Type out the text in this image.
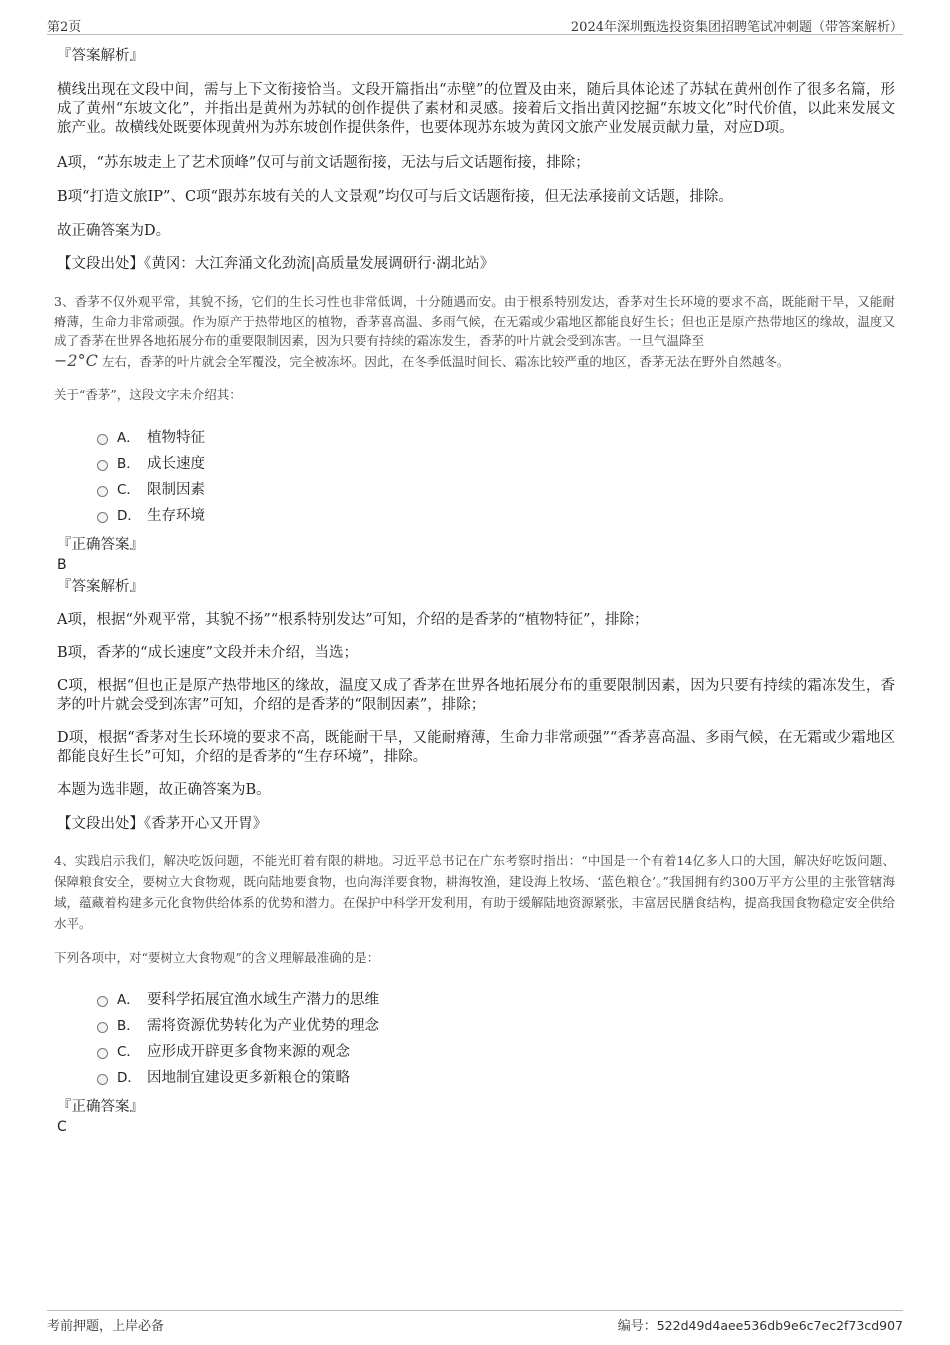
第2页	2024年深圳甄选投资集团招聘笔试冲刺题（带答案解析）

『答案解析』

横线出现在文段中间，需与上下文衔接恰当。文段开篇指出“赤壁”的位置及由来，随后具体论述了苏轼在黄州创作了很多名篇，形成了黄州“东坡文化”，并指出是黄州为苏轼的创作提供了素材和灵感。接着后文指出黄冈挖掘“东坡文化”时代价值，以此来发展文旅产业。故横线处既要体现黄州为苏东坡创作提供条件，也要体现苏东坡为黄冈文旅产业发展贡献力量，对应D项。

A项，“苏东坡走上了艺术顶峰”仅可与前文话题衔接，无法与后文话题衔接，排除；

B项“打造文旅IP”、C项“跟苏东坡有关的人文景观”均仅可与后文话题衔接，但无法承接前文话题，排除。

故正确答案为D。

【文段出处】《黄冈：大江奔涌文化劲流|高质量发展调研行·湖北站》

3、香茅不仅外观平常，其貌不扬，它们的生长习性也非常低调，十分随遇而安。由于根系特别发达，香茅对生长环境的要求不高，既能耐干旱，又能耐瘠薄，生命力非常顽强。作为原产于热带地区的植物，香茅喜高温、多雨气候，在无霜或少霜地区都能良好生长；但也正是原产热带地区的缘故，温度又成了香茅在世界各地拓展分布的重要限制因素，因为只要有持续的霜冻发生，香茅的叶片就会受到冻害。一旦气温降至
−2°C 左右，香茅的叶片就会全军覆没，完全被冻坏。因此，在冬季低温时间长、霜冻比较严重的地区，香茅无法在野外自然越冬。

关于“香茅”，这段文字未介绍其：

A． 植物特征
B． 成长速度
C． 限制因素
D． 生存环境

『正确答案』

B

『答案解析』

A项，根据“外观平常，其貌不扬”“根系特别发达”可知，介绍的是香茅的“植物特征”，排除；

B项，香茅的“成长速度”文段并未介绍，当选；

C项，根据“但也正是原产热带地区的缘故，温度又成了香茅在世界各地拓展分布的重要限制因素，因为只要有持续的霜冻发生，香茅的叶片就会受到冻害”可知，介绍的是香茅的“限制因素”，排除；

D项，根据“香茅对生长环境的要求不高，既能耐干旱，又能耐瘠薄，生命力非常顽强”“香茅喜高温、多雨气候，在无霜或少霜地区都能良好生长”可知，介绍的是香茅的“生存环境”，排除。

本题为选非题，故正确答案为B。

【文段出处】《香茅开心又开胃》

4、实践启示我们，解决吃饭问题，不能光盯着有限的耕地。习近平总书记在广东考察时指出：“中国是一个有着14亿多人口的大国，解决好吃饭问题、保障粮食安全，要树立大食物观，既向陆地要食物，也向海洋要食物，耕海牧渔，建设海上牧场、‘蓝色粮仓’。”我国拥有约300万平方公里的主张管辖海域，蕴藏着构建多元化食物供给体系的优势和潜力。在保护中科学开发利用，有助于缓解陆地资源紧张，丰富居民膳食结构，提高我国食物稳定安全供给水平。

下列各项中，对“要树立大食物观”的含义理解最准确的是：

A． 要科学拓展宜渔水域生产潜力的思维
B． 需将资源优势转化为产业优势的理念
C． 应形成开辟更多食物来源的观念
D． 因地制宜建设更多新粮仓的策略

『正确答案』

C

考前押题，上岸必备	编号：522d49d4aee536db9e6c7ec2f73cd907
